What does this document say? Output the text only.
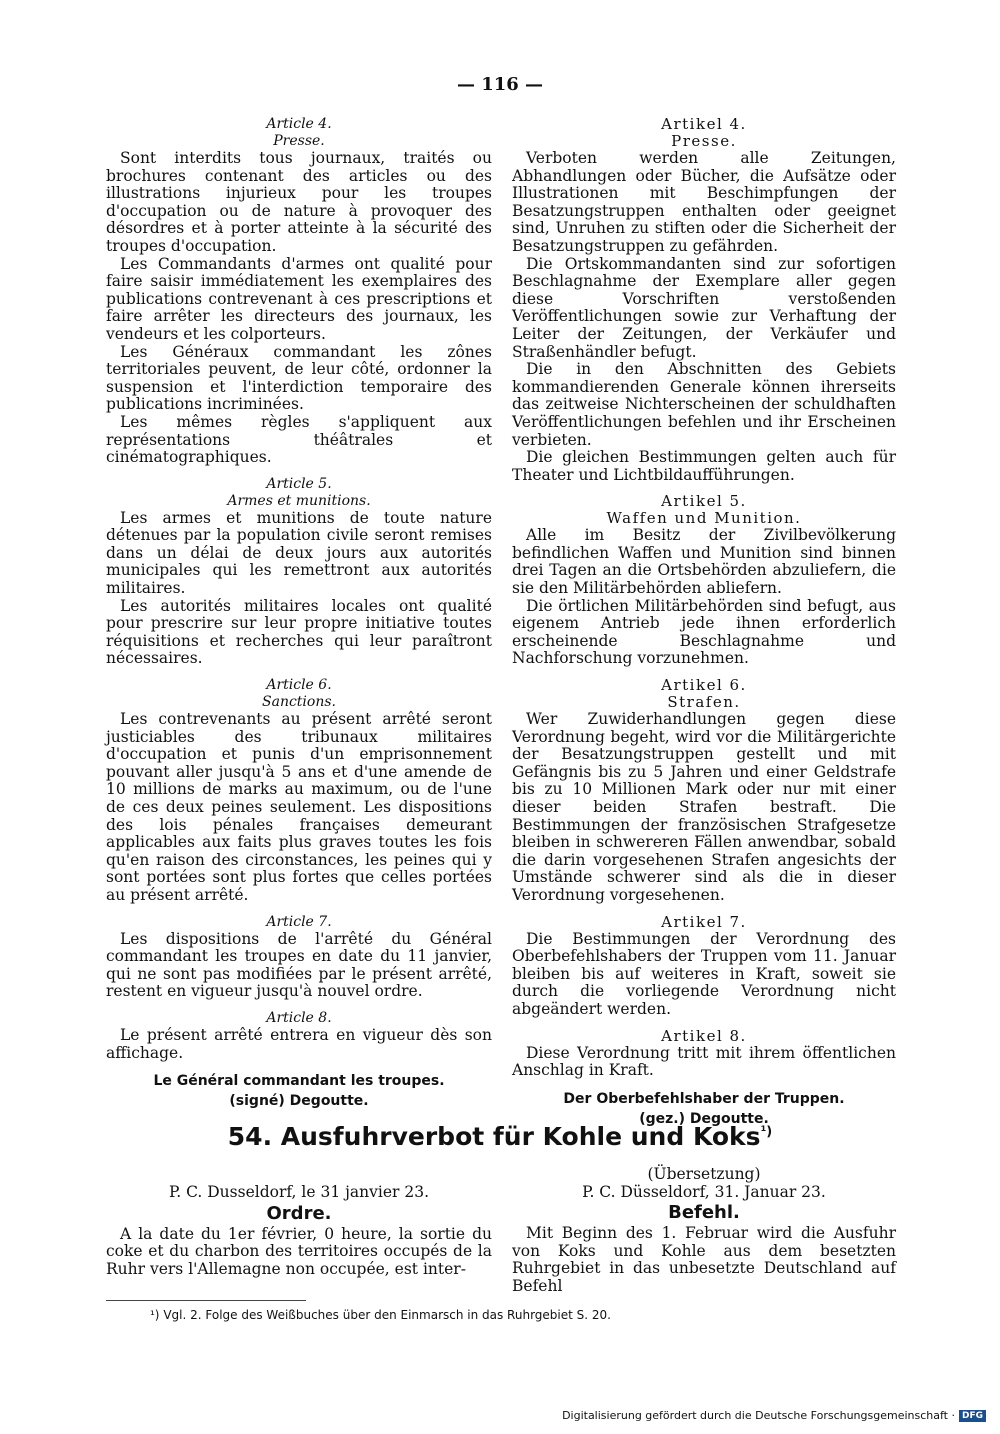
— 116 —
Article 4.
Presse.

Sont interdits tous journaux, traités ou brochures contenant des articles ou des illustrations injurieux pour les troupes d'occupation ou de nature à provoquer des désordres et à porter atteinte à la sécurité des troupes d'occupation.

Les Commandants d'armes ont qualité pour faire saisir immédiatement les exemplaires des publications contrevenant à ces prescriptions et faire arrêter les directeurs des journaux, les vendeurs et les colporteurs.

Les Généraux commandant les zônes territoriales peuvent, de leur côté, ordonner la suspension et l'interdiction temporaire des publications incriminées.

Les mêmes règles s'appliquent aux représentations théâtrales et cinématographiques.

Article 5.
Armes et munitions.

Les armes et munitions de toute nature détenues par la population civile seront remises dans un délai de deux jours aux autorités municipales qui les remettront aux autorités militaires.

Les autorités militaires locales ont qualité pour prescrire sur leur propre initiative toutes réquisitions et recherches qui leur paraîtront nécessaires.

Article 6.
Sanctions.

Les contrevenants au présent arrêté seront justiciables des tribunaux militaires d'occupation et punis d'un emprisonnement pouvant aller jusqu'à 5 ans et d'une amende de 10 millions de marks au maximum, ou de l'une de ces deux peines seulement. Les dispositions des lois pénales françaises demeurant applicables aux faits plus graves toutes les fois qu'en raison des circonstances, les peines qui y sont portées sont plus fortes que celles portées au présent arrêté.

Article 7.

Les dispositions de l'arrêté du Général commandant les troupes en date du 11 janvier, qui ne sont pas modifiées par le présent arrêté, restent en vigueur jusqu'à nouvel ordre.

Article 8.

Le présent arrêté entrera en vigueur dès son affichage.

Le Général commandant les troupes.
(signé) Degoutte.
Artikel 4.
Presse.

Verboten werden alle Zeitungen, Abhandlungen oder Bücher, die Aufsätze oder Illustrationen mit Beschimpfungen der Besatzungstruppen enthalten oder geeignet sind, Unruhen zu stiften oder die Sicherheit der Besatzungstruppen zu gefährden.

Die Ortskommandanten sind zur sofortigen Beschlagnahme der Exemplare aller gegen diese Vorschriften verstoßenden Veröffentlichungen sowie zur Verhaftung der Leiter der Zeitungen, der Verkäufer und Straßenhändler befugt.

Die in den Abschnitten des Gebiets kommandierenden Generale können ihrerseits das zeitweise Nichterscheinen der schuldhaften Veröffentlichungen befehlen und ihr Erscheinen verbieten.

Die gleichen Bestimmungen gelten auch für Theater und Lichtbildaufführungen.

Artikel 5.
Waffen und Munition.

Alle im Besitz der Zivilbevölkerung befindlichen Waffen und Munition sind binnen drei Tagen an die Ortsbehörden abzuliefern, die sie den Militärbehörden abliefern.

Die örtlichen Militärbehörden sind befugt, aus eigenem Antrieb jede ihnen erforderlich erscheinende Beschlagnahme und Nachforschung vorzunehmen.

Artikel 6.
Strafen.

Wer Zuwiderhandlungen gegen diese Verordnung begeht, wird vor die Militärgerichte der Besatzungstruppen gestellt und mit Gefängnis bis zu 5 Jahren und einer Geldstrafe bis zu 10 Millionen Mark oder nur mit einer dieser beiden Strafen bestraft. Die Bestimmungen der französischen Strafgesetze bleiben in schwereren Fällen anwendbar, sobald die darin vorgesehenen Strafen angesichts der Umstände schwerer sind als die in dieser Verordnung vorgesehenen.

Artikel 7.

Die Bestimmungen der Verordnung des Oberbefehlshabers der Truppen vom 11. Januar bleiben bis auf weiteres in Kraft, soweit sie durch die vorliegende Verordnung nicht abgeändert werden.

Artikel 8.

Diese Verordnung tritt mit ihrem öffentlichen Anschlag in Kraft.

Der Oberbefehlshaber der Truppen.
(gez.) Degoutte.
54. Ausfuhrverbot für Kohle und Koks$^{^1)}$
P. C. Dusseldorf, le 31 janvier 23.
Ordre.

A la date du 1er février, 0 heure, la sortie du coke et du charbon des territoires occupés de la Ruhr vers l'Allemagne non occupée, est inter-

(Übersetzung)
P. C. Düsseldorf, 31. Januar 23.
Befehl.

Mit Beginn des 1. Februar wird die Ausfuhr von Koks und Kohle aus dem besetzten Ruhrgebiet in das unbesetzte Deutschland auf Befehl

¹) Vgl. 2. Folge des Weißbuches über den Einmarsch in das Ruhrgebiet S. 20.
Digitalisierung gefördert durch die Deutsche Forschungsgemeinschaft · DFG
